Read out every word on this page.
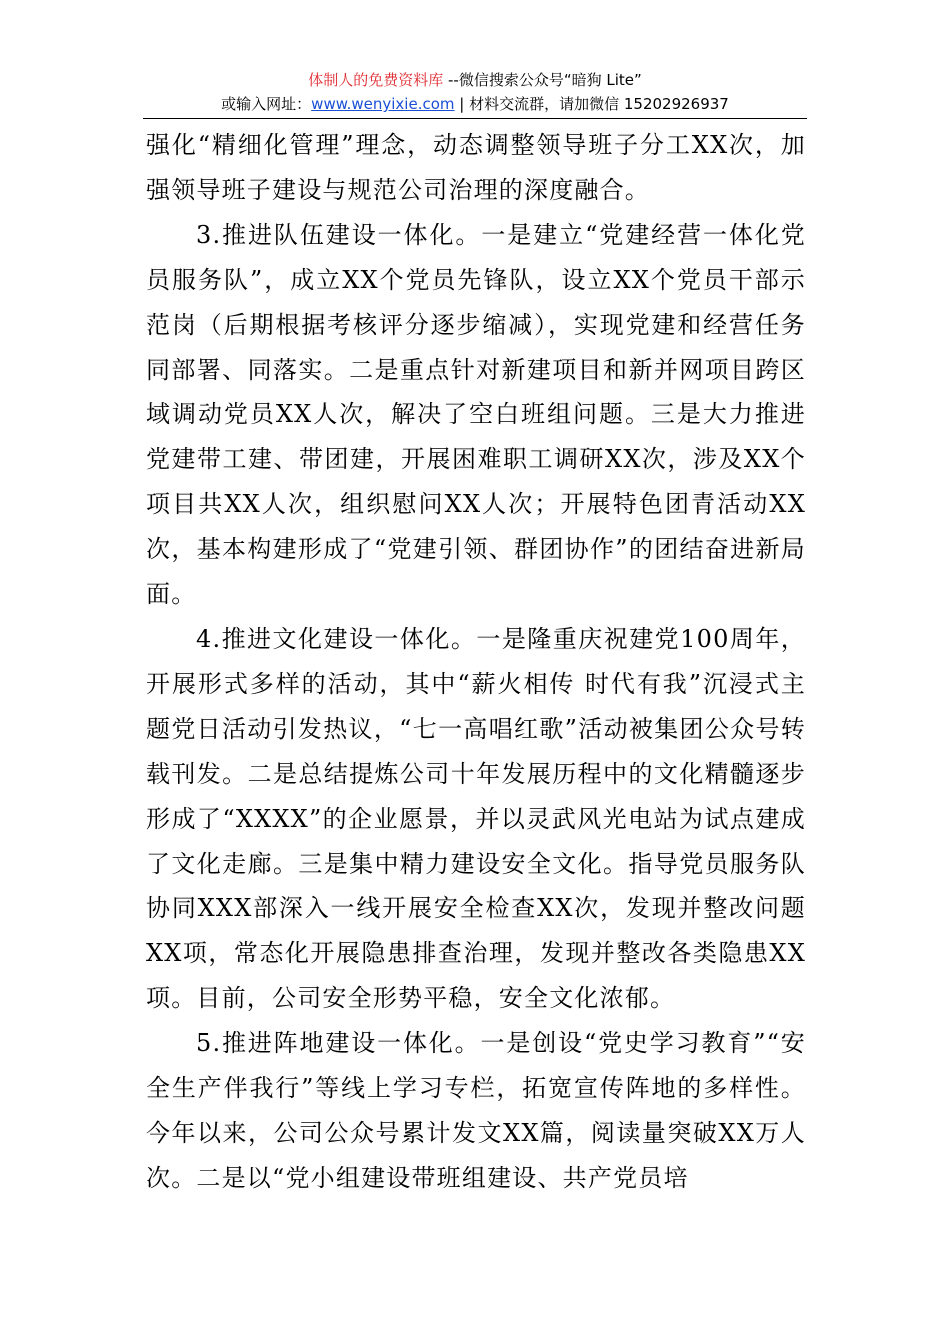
体制人的免费资料库 --微信搜索公众号“暗狗 Lite”
或输入网址：www.wenyixie.com | 材料交流群，请加微信 15202926937

强化“精细化管理”理念，动态调整领导班子分工XX次，加强领导班子建设与规范公司治理的深度融合。

3.推进队伍建设一体化。一是建立“党建经营一体化党员服务队”，成立XX个党员先锋队，设立XX个党员干部示范岗（后期根据考核评分逐步缩减），实现党建和经营任务同部署、同落实。二是重点针对新建项目和新并网项目跨区域调动党员XX人次，解决了空白班组问题。三是大力推进党建带工建、带团建，开展困难职工调研XX次，涉及XX个项目共XX人次，组织慰问XX人次；开展特色团青活动XX次，基本构建形成了“党建引领、群团协作”的团结奋进新局面。

4.推进文化建设一体化。一是隆重庆祝建党100周年，开展形式多样的活动，其中“薪火相传 时代有我”沉浸式主题党日活动引发热议，“七一高唱红歌”活动被集团公众号转载刊发。二是总结提炼公司十年发展历程中的文化精髓逐步形成了“XXXX”的企业愿景，并以灵武风光电站为试点建成了文化走廊。三是集中精力建设安全文化。指导党员服务队协同XXX部深入一线开展安全检查XX次，发现并整改问题XX项，常态化开展隐患排查治理，发现并整改各类隐患XX项。目前，公司安全形势平稳，安全文化浓郁。

5.推进阵地建设一体化。一是创设“党史学习教育”“安全生产伴我行”等线上学习专栏，拓宽宣传阵地的多样性。今年以来，公司公众号累计发文XX篇，阅读量突破XX万人次。二是以“党小组建设带班组建设、共产党员培
